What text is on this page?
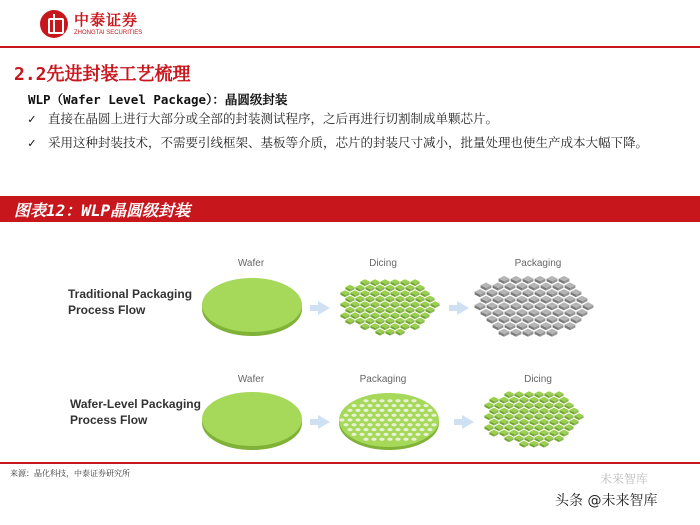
中泰证券
ZHONGTAI SECURITIES
2.2先进封装工艺梳理
WLP（Wafer Level Package）：晶圆级封装
✓ 直接在晶圆上进行大部分或全部的封装测试程序，之后再进行切割制成单颗芯片。
✓ 采用这种封装技术，不需要引线框架、基板等介质，芯片的封装尺寸减小，批量处理也使生产成本大幅下降。
图表12：WLP晶圆级封装
Traditional Packaging
Process Flow
Wafer	Dicing	Packaging
Wafer-Level Packaging
Process Flow
Wafer	Packaging	Dicing
来源：晶化科技，中泰证券研究所	未来智库
头条 @未来智库
